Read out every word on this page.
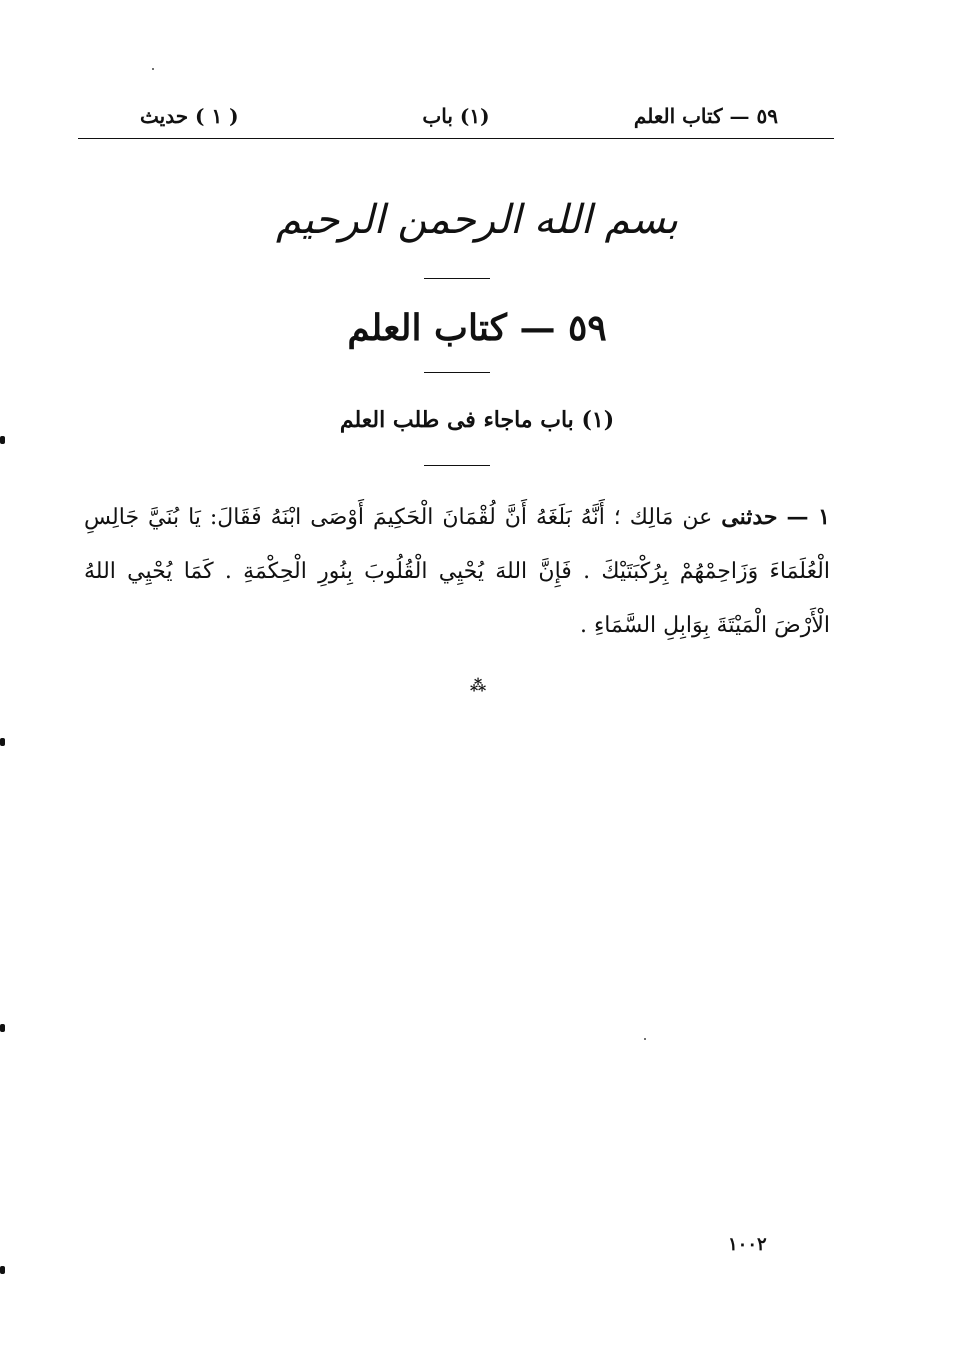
٥٩ — كتاب العلم
(١) باب
( ١ ) حديث
بسم الله الرحمن الرحيم
٥٩ — كتاب العلم
(١) باب ماجاء فى طلب العلم
١ — حدثنى عن مَالِك ؛ أَنَّهُ بَلَغَهُ أَنَّ لُقْمَانَ الْحَكِيمَ أَوْصَى ابْنَهُ فَقَالَ: يَا بُنَيَّ جَالِسِ الْعُلَمَاءَ وَزَاحِمْهُمْ بِرُكْبَتَيْكَ . فَإِنَّ اللهَ يُحْيِي الْقُلُوبَ بِنُورِ الْحِكْمَةِ . كَمَا يُحْيِي اللهُ الْأَرْضَ الْمَيْتَةَ بِوَابِلِ السَّمَاءِ .
⁂
١٠٠٢
